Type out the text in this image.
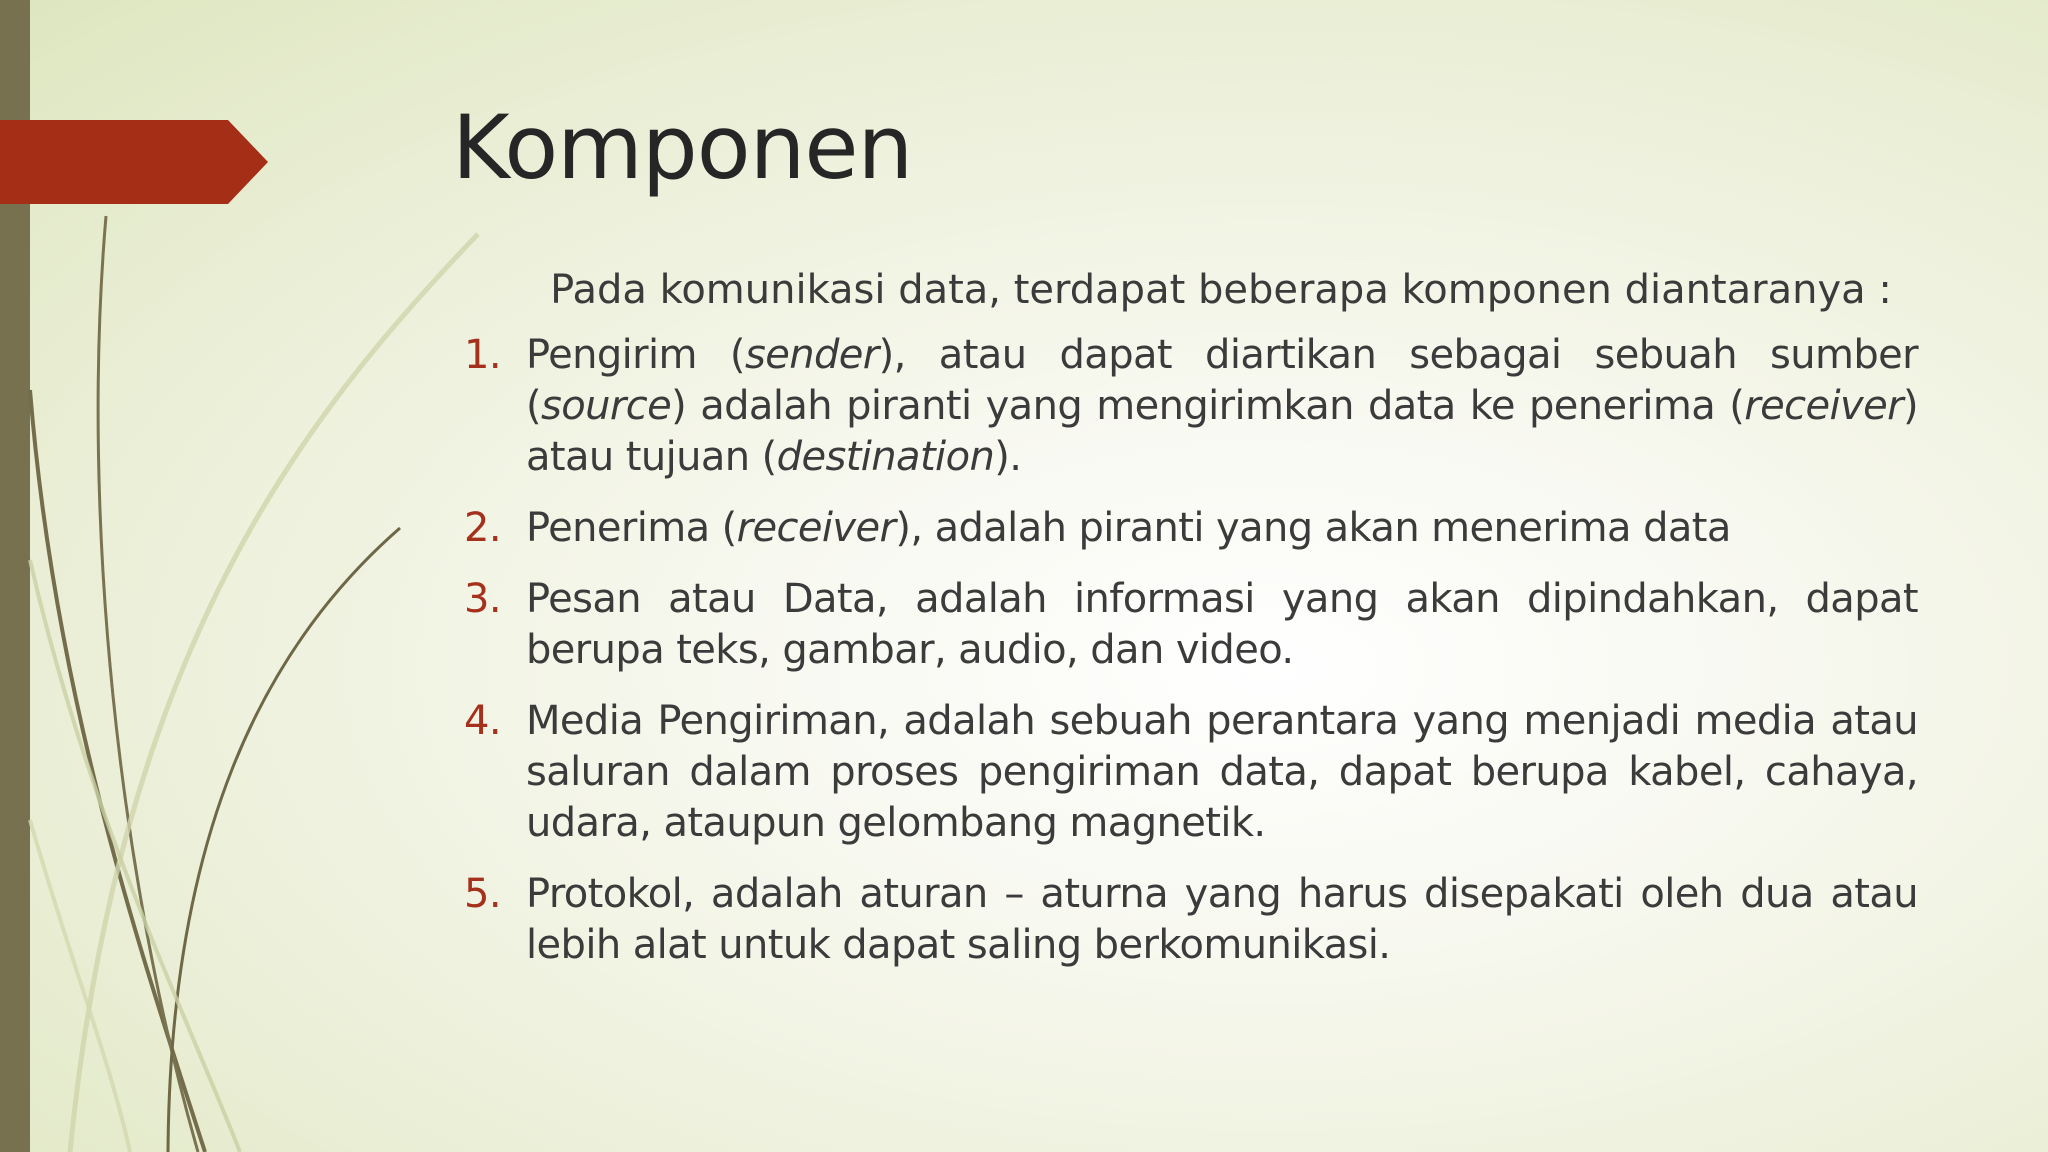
Komponen

Pada komunikasi data, terdapat beberapa komponen diantaranya :

1. Pengirim (sender), atau dapat diartikan sebagai sebuah sumber (source) adalah piranti yang mengirimkan data ke penerima (receiver) atau tujuan (destination).
2. Penerima (receiver), adalah piranti yang akan menerima data
3. Pesan atau Data, adalah informasi yang akan dipindahkan, dapat berupa teks, gambar, audio, dan video.
4. Media Pengiriman, adalah sebuah perantara yang menjadi media atau saluran dalam proses pengiriman data, dapat berupa kabel, cahaya, udara, ataupun gelombang magnetik.
5. Protokol, adalah aturan – aturna yang harus disepakati oleh dua atau lebih alat untuk dapat saling berkomunikasi.
